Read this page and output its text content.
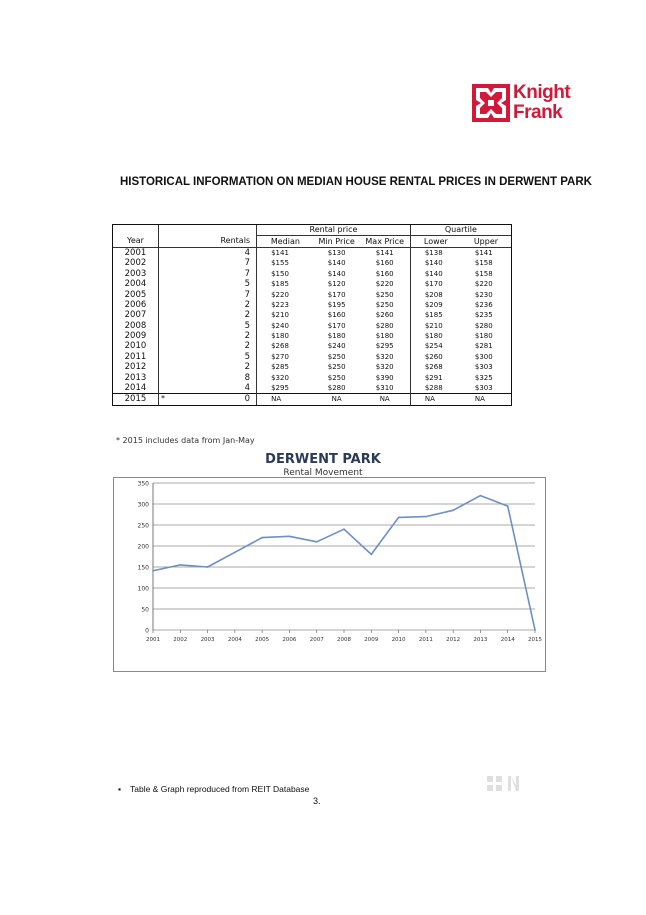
Knight
Frank
HISTORICAL INFORMATION ON MEDIAN HOUSE RENTAL PRICES IN DERWENT PARK
			Rental price			Quartile	
Year		Rentals	Median	Min Price	Max Price	Lower	Upper
2001		4	$141	$130	$141	$138	$141
2002		7	$155	$140	$160	$140	$158
2003		7	$150	$140	$160	$140	$158
2004		5	$185	$120	$220	$170	$220
2005		7	$220	$170	$250	$208	$230
2006		2	$223	$195	$250	$209	$236
2007		2	$210	$160	$260	$185	$235
2008		5	$240	$170	$280	$210	$280
2009		2	$180	$180	$180	$180	$180
2010		2	$268	$240	$295	$254	$281
2011		5	$270	$250	$320	$260	$300
2012		2	$285	$250	$320	$268	$303
2013		8	$320	$250	$390	$291	$325
2014		4	$295	$280	$310	$288	$303
2015	*	0	NA	NA	NA	NA	NA
* 2015 includes data from Jan-May
DERWENT PARK
Rental Movement
0
50
100
150
200
250
300
350
2001 2002 2003 2004 2005 2006 2007 2008 2009 2010 2011 2012 2013 2014 2015
▪ Table & Graph reproduced from REIT Database
3.
